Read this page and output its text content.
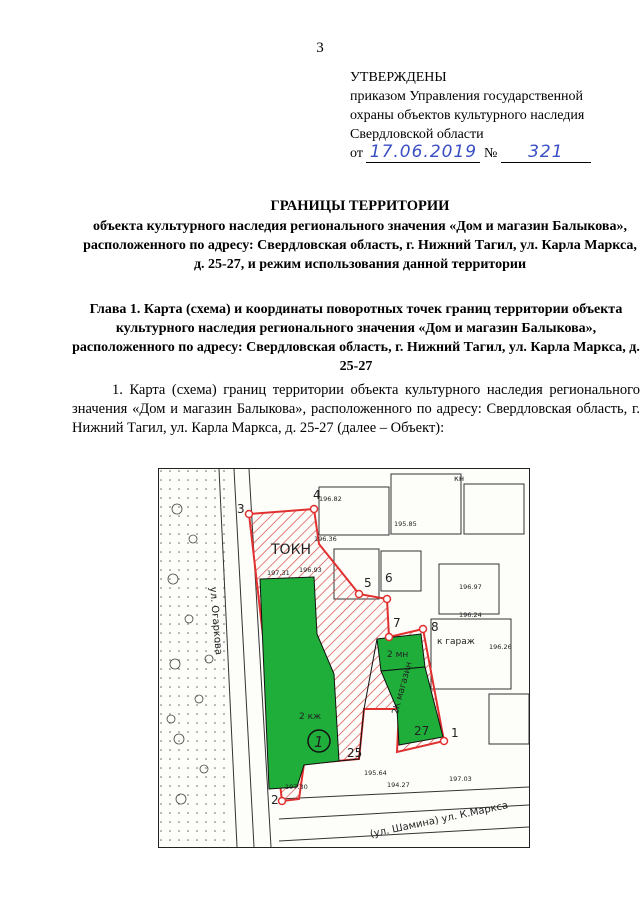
3
УТВЕРЖДЕНЫ
приказом Управления государственной
охраны объектов культурного наследия
Свердловской области
от 17.06.2019 № 321
ГРАНИЦЫ ТЕРРИТОРИИ
объекта культурного наследия регионального значения «Дом и магазин Балыкова», расположенного по адресу: Свердловская область, г. Нижний Тагил, ул. Карла Маркса, д. 25-27, и режим использования данной территории
Глава 1. Карта (схема) и координаты поворотных точек границ территории объекта культурного наследия регионального значения «Дом и магазин Балыкова», расположенного по адресу: Свердловская область, г. Нижний Тагил, ул. Карла Маркса, д. 25-27
1. Карта (схема) границ территории объекта культурного наследия регионального значения «Дом и магазин Балыкова», расположенного по адресу: Свердловская область, г. Нижний Тагил, ул. Карла Маркса, д. 25-27 (далее – Объект):
ТОКН
2 кж
2 мн
2К магазин
к гараж
кн
25
27
ул. Огаркова
(ул. Шамина) ул. К.Маркса
196.82
195.85
196.24
196.26
197.03
195.64
194.27
197.31 196.93
196.97
196.36
197.30
1	1
2
3
4
5 6
7	8
